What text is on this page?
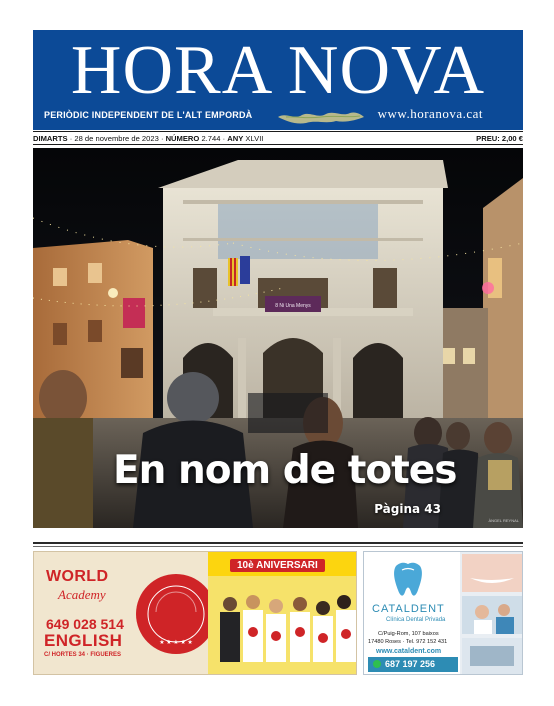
HORA NOVA
PERIÒDIC INDEPENDENT DE L'ALT EMPORDÀ	www.horanova.cat
DIMARTS · 28 de novembre de 2023 · NÚMERO 2.744 · ANY XLVII	PREU: 2,00 €
8 Ni Una Menys
En nom de totes
Pàgina 43
ÀNGEL REYNAL
WORLD
Academy
649 028 514
ENGLISH
C/ HORTES 34 · FIGUERES
★ ★ ★ ★ ★
10è ANIVERSARI
CATALDENT
Clínica Dental Privada
C/Puig-Rom, 107 baixos
17480 Roses · Tel. 972 152 431
www.cataldent.com
687 197 256
